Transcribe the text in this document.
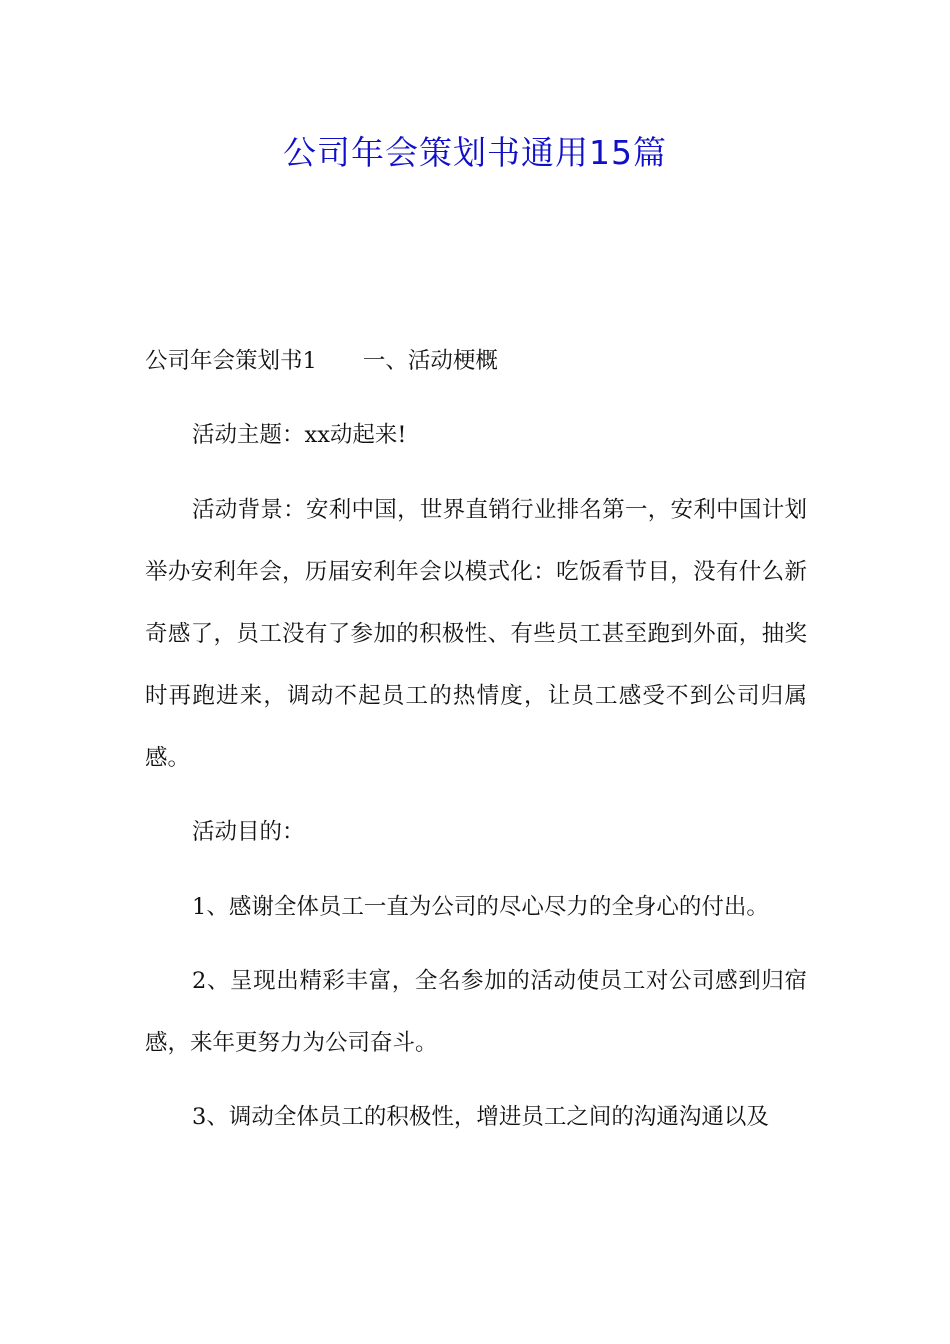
公司年会策划书通用15篇

公司年会策划书1 一、活动梗概

活动主题：xx动起来!

活动背景：安利中国，世界直销行业排名第一，安利中国计划举办安利年会，历届安利年会以模式化：吃饭看节目，没有什么新奇感了，员工没有了参加的积极性、有些员工甚至跑到外面，抽奖时再跑进来，调动不起员工的热情度，让员工感受不到公司归属感。

活动目的：

1、感谢全体员工一直为公司的尽心尽力的全身心的付出。

2、呈现出精彩丰富，全名参加的活动使员工对公司感到归宿感，来年更努力为公司奋斗。

3、调动全体员工的积极性，增进员工之间的沟通沟通以及
